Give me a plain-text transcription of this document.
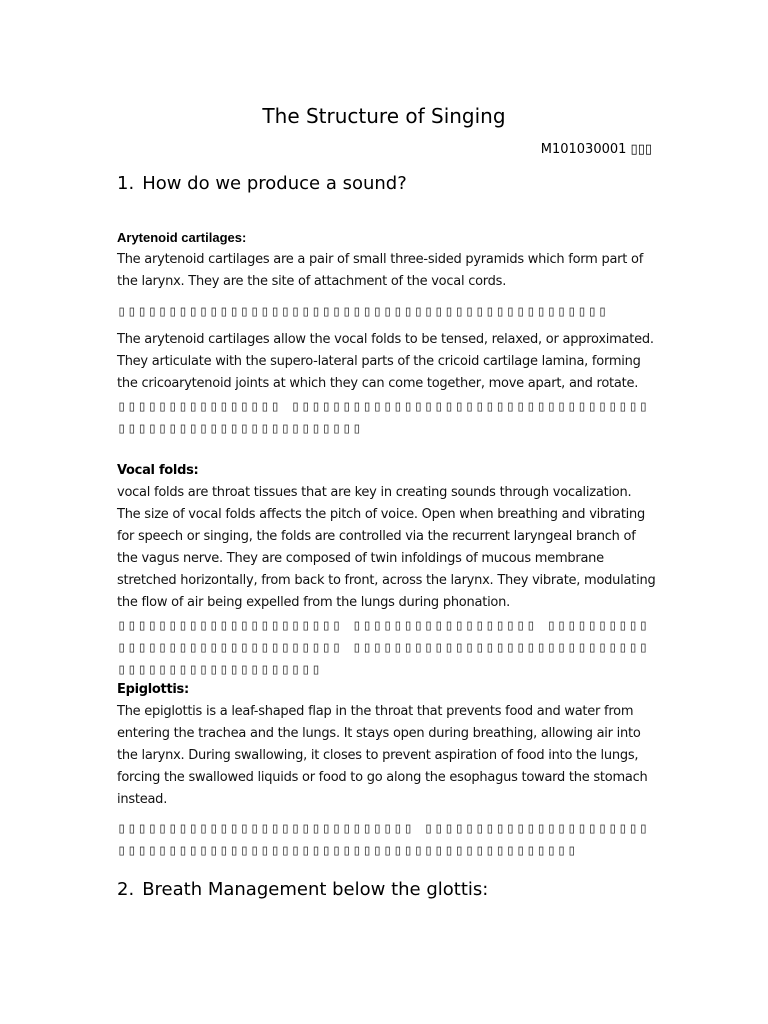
The Structure of Singing
M101030001 ▯▯▯
1. How do we produce a sound?

Arytenoid cartilages:

The arytenoid cartilages are a pair of small three-sided pyramids which form part of the larynx. They are the site of attachment of the vocal cords.

▯▯▯▯▯▯▯▯▯▯▯▯▯▯▯▯▯▯▯▯▯▯▯▯▯▯▯▯▯▯▯▯▯▯▯▯▯▯▯▯▯▯▯▯▯▯▯▯

The arytenoid cartilages allow the vocal folds to be tensed, relaxed, or approximated. They articulate with the supero-lateral parts of the cricoid cartilage lamina, forming the cricoarytenoid joints at which they can come together, move apart, and rotate.

▯▯▯▯▯▯▯▯▯▯▯▯▯▯▯▯ ▯▯▯▯▯▯▯▯▯▯▯▯▯▯▯▯▯▯▯▯▯▯▯▯▯▯▯▯▯▯▯▯▯▯▯▯▯▯▯▯▯▯▯▯▯▯▯▯▯▯▯▯▯▯▯▯▯▯▯

Vocal folds:

vocal folds are throat tissues that are key in creating sounds through vocalization. The size of vocal folds affects the pitch of voice. Open when breathing and vibrating for speech or singing, the folds are controlled via the recurrent laryngeal branch of the vagus nerve. They are composed of twin infoldings of mucous membrane stretched horizontally, from back to front, across the larynx. They vibrate, modulating the flow of air being expelled from the lungs during phonation.

▯▯▯▯▯▯▯▯▯▯▯▯▯▯▯▯▯▯▯▯▯▯ ▯▯▯▯▯▯▯▯▯▯▯▯▯▯▯▯▯▯ ▯▯▯▯▯▯▯▯▯▯▯▯▯▯▯▯▯▯▯▯▯▯▯▯▯▯▯▯▯▯▯▯ ▯▯▯▯▯▯▯▯▯▯▯▯▯▯▯▯▯▯▯▯▯▯▯▯▯▯▯▯▯▯▯▯▯▯▯▯▯▯▯▯▯▯▯▯▯▯▯▯▯

Epiglottis:

The epiglottis is a leaf-shaped flap in the throat that prevents food and water from entering the trachea and the lungs. It stays open during breathing, allowing air into the larynx. During swallowing, it closes to prevent aspiration of food into the lungs, forcing the swallowed liquids or food to go along the esophagus toward the stomach instead.

▯▯▯▯▯▯▯▯▯▯▯▯▯▯▯▯▯▯▯▯▯▯▯▯▯▯▯▯▯ ▯▯▯▯▯▯▯▯▯▯▯▯▯▯▯▯▯▯▯▯▯▯ ▯▯▯▯▯▯▯▯▯▯▯▯▯▯▯▯▯▯▯▯▯▯▯▯▯▯▯▯▯▯▯▯▯▯▯▯▯▯▯▯▯▯▯▯▯

2. Breath Management below the glottis:
